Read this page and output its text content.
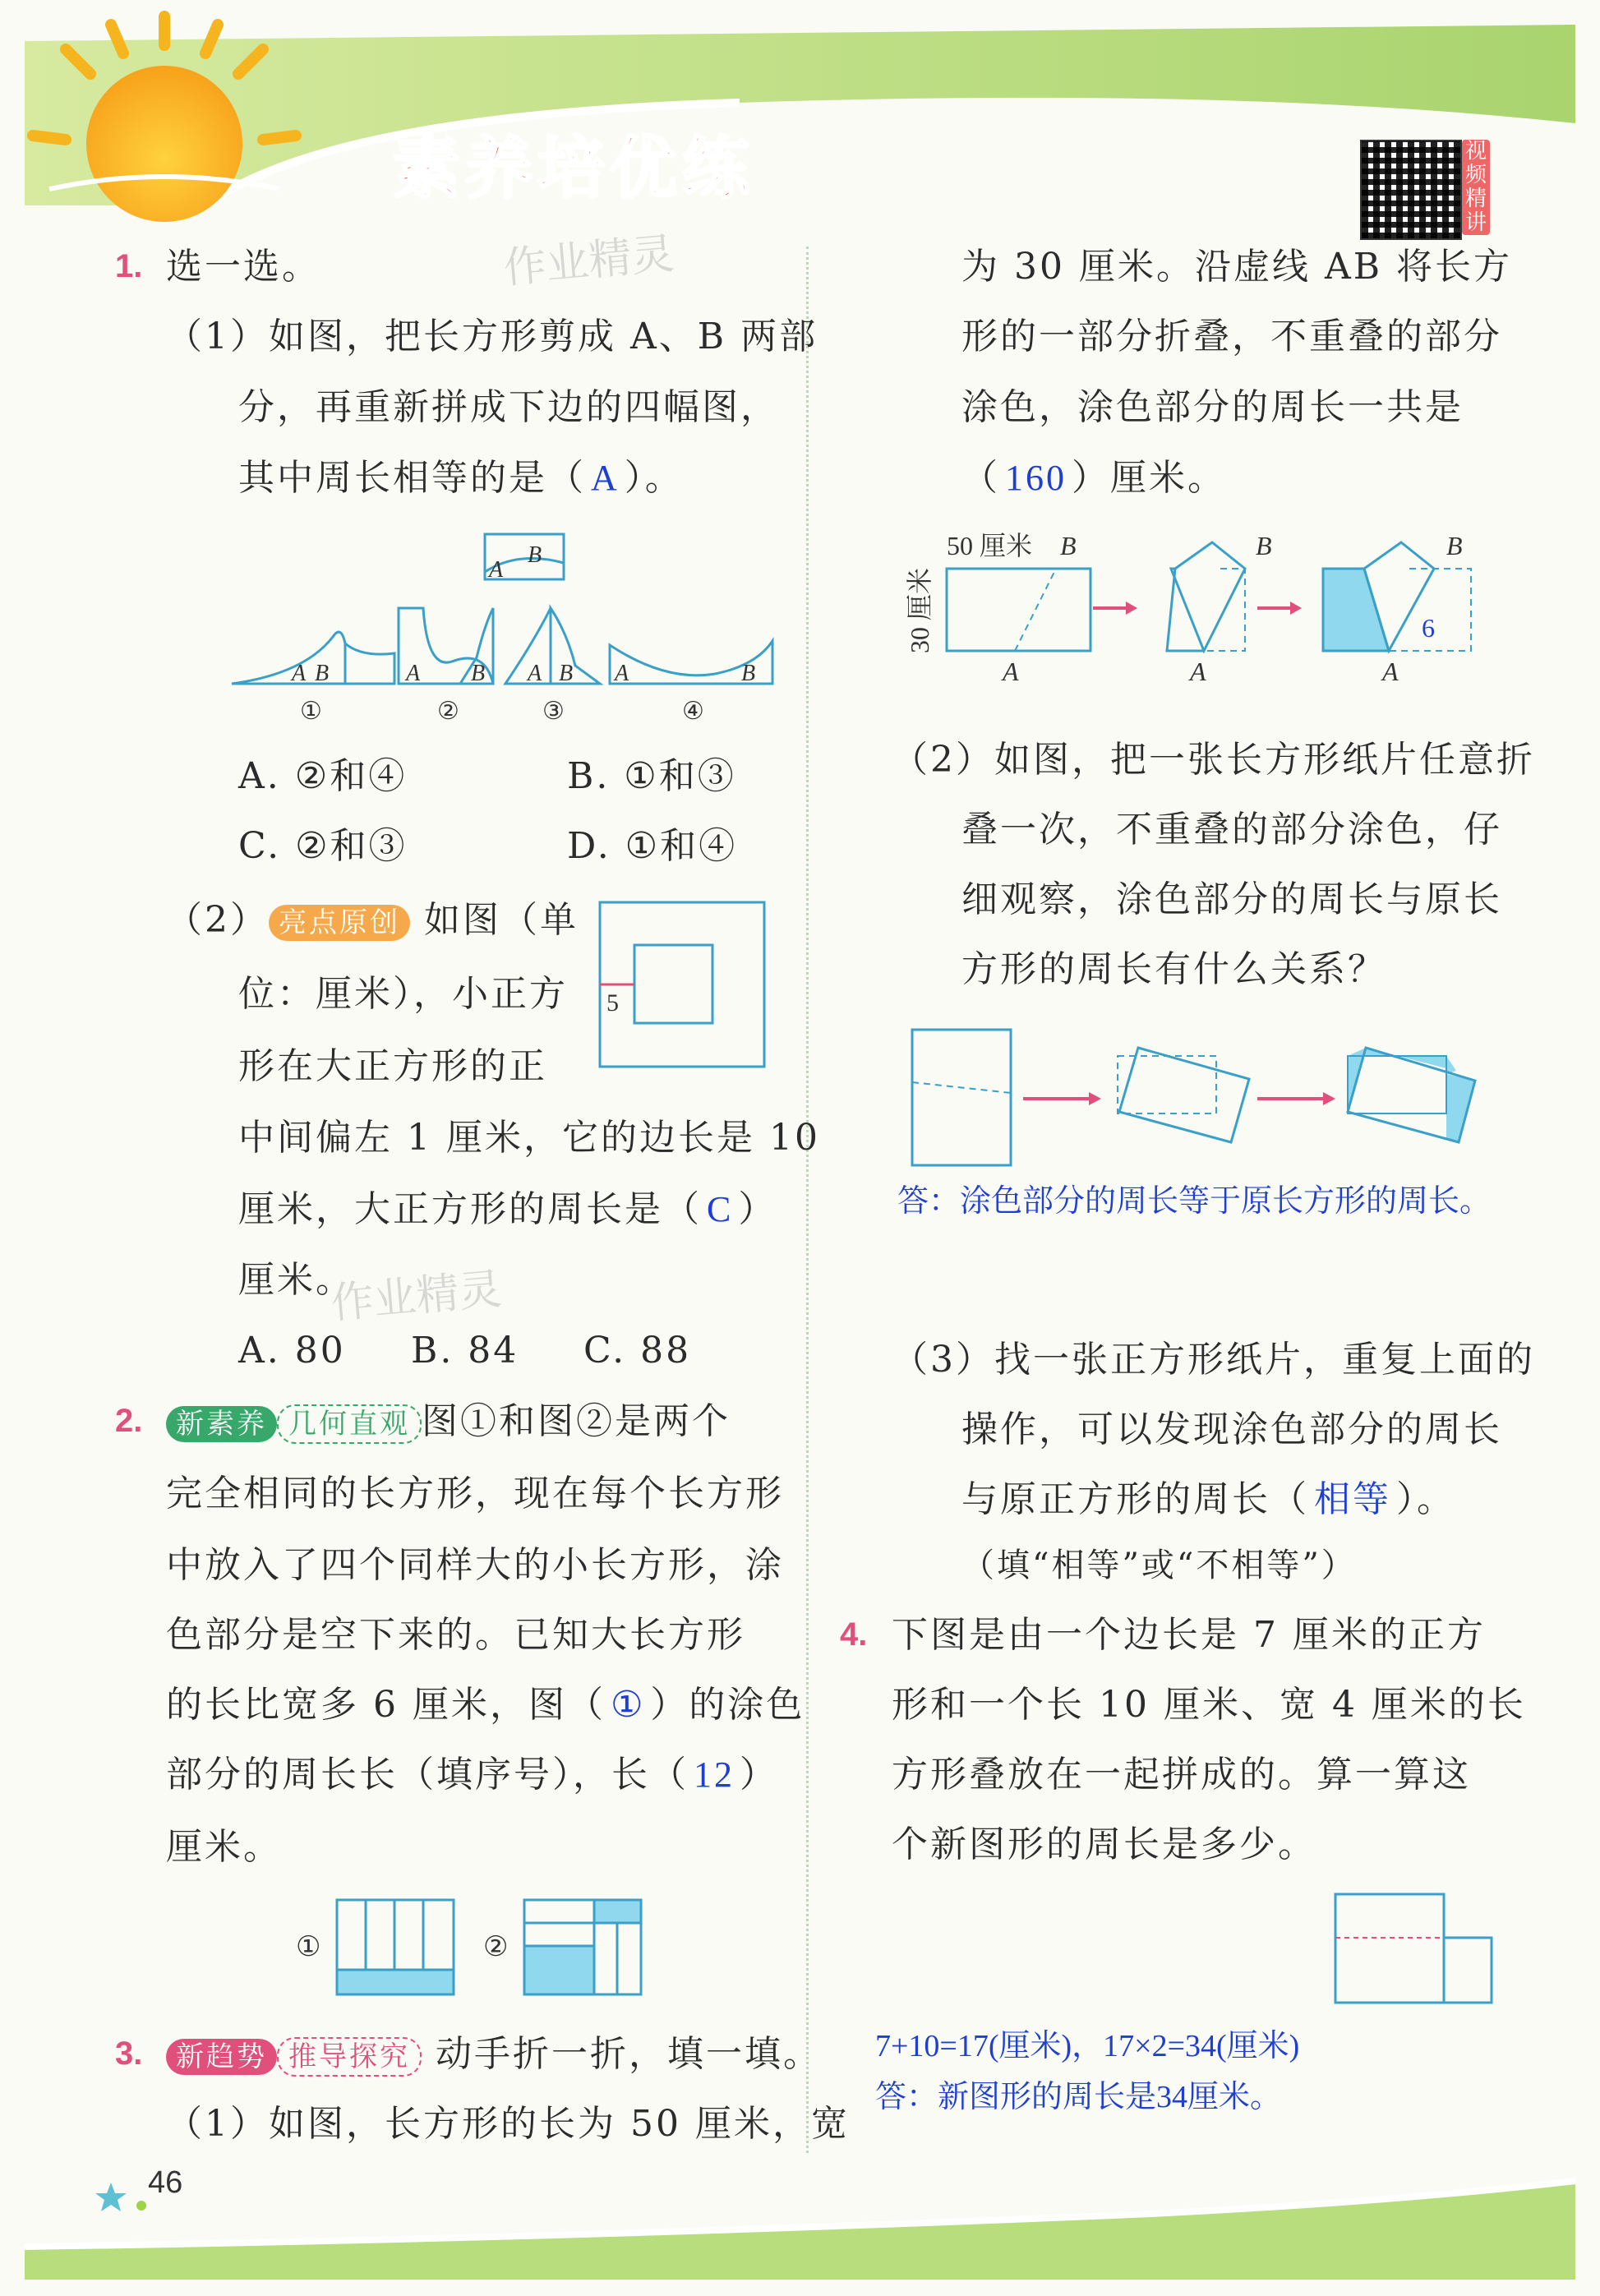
素养培优练	视频精讲
作业精灵
作业精灵
1. 选一选。
（1）如图，把长方形剪成 A、B 两部
分，再重新拼成下边的四幅图，
其中周长相等的是（ A ）。
B
A
A B	A B A B A	B
①	②	③	④
A. ②和④	B. ①和③
C. ②和③	D. ①和④
（2） 亮点原创 如图（单
位：厘米），小正方
形在大正方形的正
5
中间偏左 1 厘米，它的边长是 10
厘米，大正方形的周长是（ C ）
厘米。
A. 80 B. 84 C. 88
2.	新素养 几何直观 图①和图②是两个
完全相同的长方形，现在每个长方形
中放入了四个同样大的小长方形，涂
色部分是空下来的。已知大长方形
的长比宽多 6 厘米，图（ ① ）的涂色
部分的周长长（填序号），长（ 12 ）
厘米。
①	②
3.	新趋势 推导探究 动手折一折，填一填。
（1）如图，长方形的长为 50 厘米，宽
为 30 厘米。沿虚线 AB 将长方
形的一部分折叠，不重叠的部分
涂色，涂色部分的周长一共是
（ 160 ）厘米。
50 厘米 B
A
B
A
B
A
30 厘米	6
（2）如图，把一张长方形纸片任意折
叠一次，不重叠的部分涂色，仔
细观察，涂色部分的周长与原长
方形的周长有什么关系？
答：涂色部分的周长等于原长方形的周长。
（3）找一张正方形纸片，重复上面的
操作，可以发现涂色部分的周长
与原正方形的周长（ 相等 ）。
（填“相等”或“不相等”）
4. 下图是由一个边长是 7 厘米的正方
形和一个长 10 厘米、宽 4 厘米的长
方形叠放在一起拼成的。算一算这
个新图形的周长是多少。
7+10=17(厘米)，17×2=34(厘米)
答：新图形的周长是34厘米。
46
